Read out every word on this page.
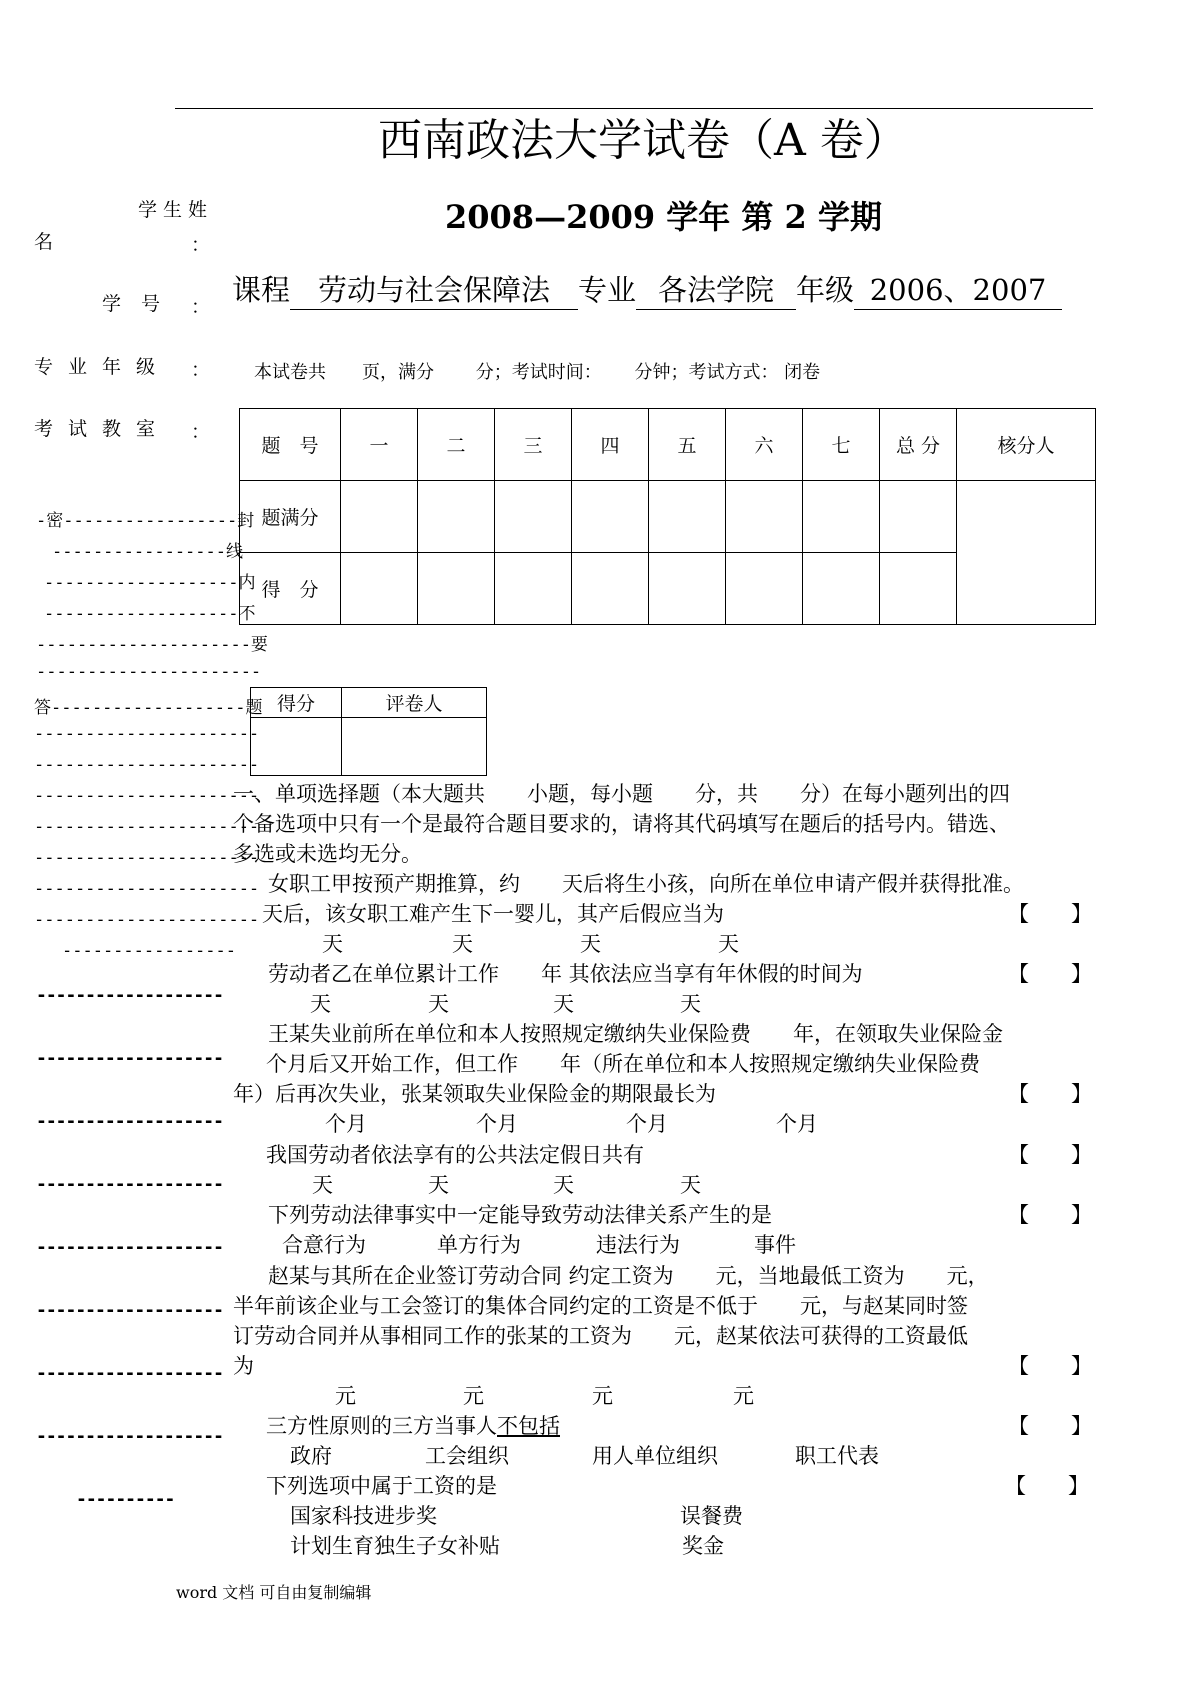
西南政法大学试卷（A 卷）
2008—2009 学年 第 2 学期
课程 劳动与社会保障法 专业 各法学院 年级 2006、2007
学生姓
名	：
学号 ：
专业年级 ：
考试教室 ：
本试卷共　　页，满分　　 分；考试时间：　　 分钟；考试方式： 闭卷
题　号	一	二	三	四	五	六	七	总 分	核分人
题满分									
得　分									
-密-----------------封
-----------------线
-------------------内
-------------------不
---------------------要
----------------------
答-------------------题
----------------------
----------------------
----------------------
----------------------
----------------------
----------------------
----------------------
-----------------
-------------------
-------------------
-------------------
-------------------
-------------------
-------------------
-------------------
-------------------
----------
得分	评卷人

一、单项选择题（本大题共　　小题，每小题　　分，共　　分）在每小题列出的四
个备选项中只有一个是最符合题目要求的，请将其代码填写在题后的括号内。错选、
多选或未选均无分。
女职工甲按预产期推算，约　　天后将生小孩，向所在单位申请产假并获得批准。
天后，该女职工难产生下一婴儿，其产后假应当为	【　　】
天	天	天	天
劳动者乙在单位累计工作　　年 其依法应当享有年休假的时间为	【　　】
天	天	天	天
王某失业前所在单位和本人按照规定缴纳失业保险费　　年，在领取失业保险金
个月后又开始工作，但工作　　年（所在单位和本人按照规定缴纳失业保险费
年）后再次失业，张某领取失业保险金的期限最长为	【　　】
个月	个月	个月	个月
我国劳动者依法享有的公共法定假日共有	【　　】
天	天	天	天
下列劳动法律事实中一定能导致劳动法律关系产生的是	【　　】
合意行为	单方行为	违法行为	事件
赵某与其所在企业签订劳动合同 约定工资为　　元，当地最低工资为　　元，
半年前该企业与工会签订的集体合同约定的工资是不低于　　元，与赵某同时签
订劳动合同并从事相同工作的张某的工资为　　元，赵某依法可获得的工资最低
为	【　　】
元	元	元	元
三方性原则的三方当事人不包括	【　　】
政府	工会组织	用人单位组织	职工代表
下列选项中属于工资的是	【　　】
国家科技进步奖	误餐费
计划生育独生子女补贴	奖金
word 文档 可自由复制编辑
